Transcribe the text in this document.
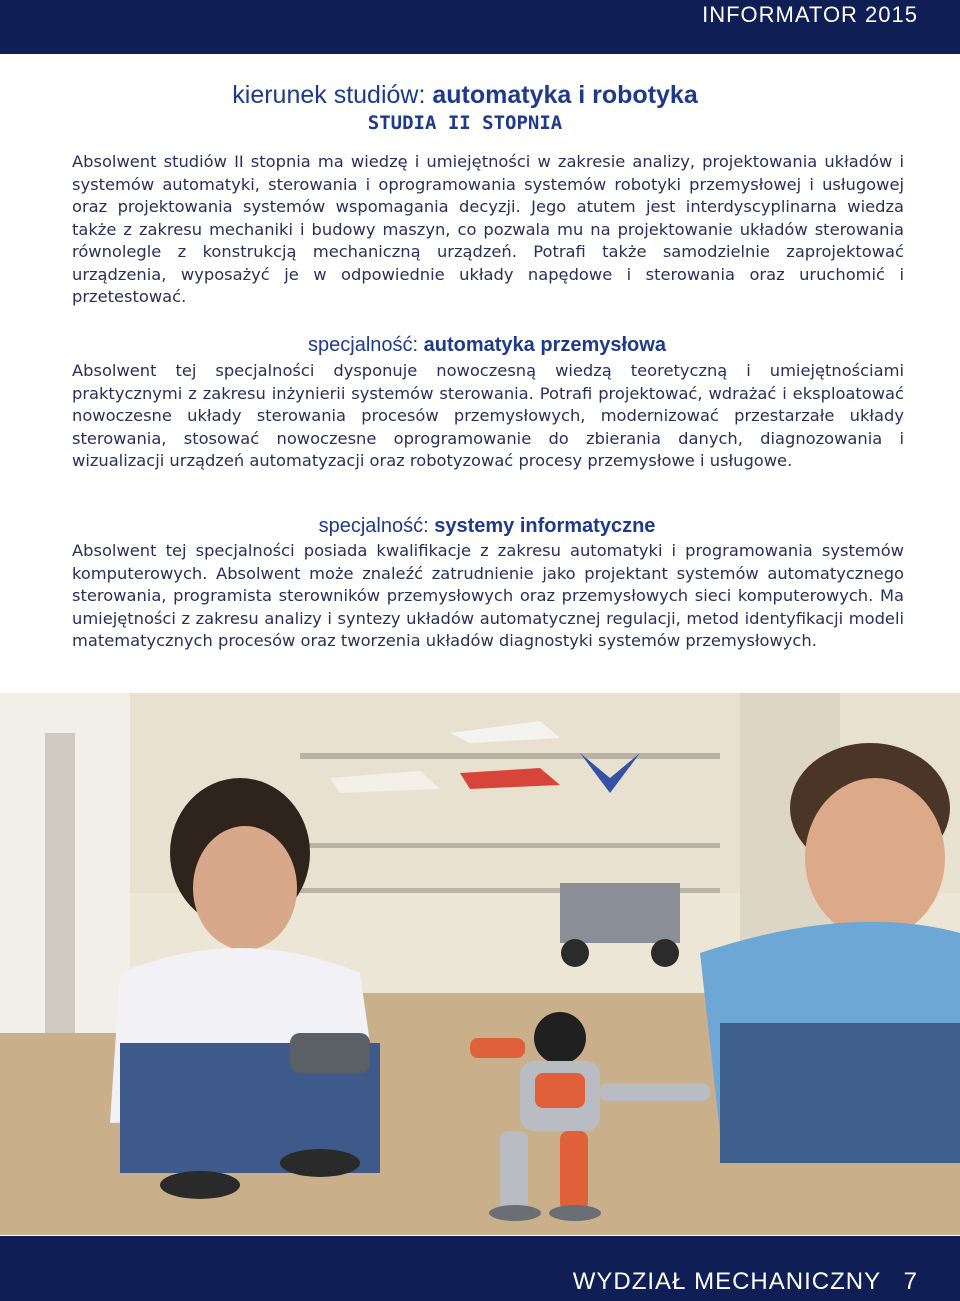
INFORMATOR 2015
kierunek studiów: automatyka i robotyka
STUDIA II STOPNIA
Absolwent studiów II stopnia ma wiedzę i umiejętności w zakresie analizy, projektowania układów i systemów automatyki, sterowania i oprogramowania systemów robotyki przemysłowej i usługowej oraz projektowania systemów wspomagania decyzji. Jego atutem jest interdyscyplinarna wiedza także z zakresu mechaniki i budowy maszyn, co pozwala mu na projektowanie układów sterowania równolegle z konstrukcją mechaniczną urządzeń. Potrafi także samodzielnie zaprojektować urządzenia, wyposażyć je w odpowiednie układy napędowe i sterowania oraz uruchomić i przetestować.
specjalność: automatyka przemysłowa
Absolwent tej specjalności dysponuje nowoczesną wiedzą teoretyczną i umiejętnościami praktycznymi z zakresu inżynierii systemów sterowania. Potrafi projektować, wdrażać i eksploatować nowoczesne układy sterowania procesów przemysłowych, modernizować przestarzałe układy sterowania, stosować nowoczesne oprogramowanie do zbierania danych, diagnozowania i wizualizacji urządzeń automatyzacji oraz robotyzować procesy przemysłowe i usługowe.
specjalność: systemy informatyczne
Absolwent tej specjalności posiada kwalifikacje z zakresu automatyki i programowania systemów komputerowych. Absolwent może znaleźć zatrudnienie jako projektant systemów automatycznego sterowania, programista sterowników przemysłowych oraz przemysłowych sieci komputerowych. Ma umiejętności z zakresu analizy i syntezy układów automatycznej regulacji, metod identyfikacji modeli matematycznych procesów oraz tworzenia układów diagnostyki systemów przemysłowych.
WYDZIAŁ MECHANICZNY   7
